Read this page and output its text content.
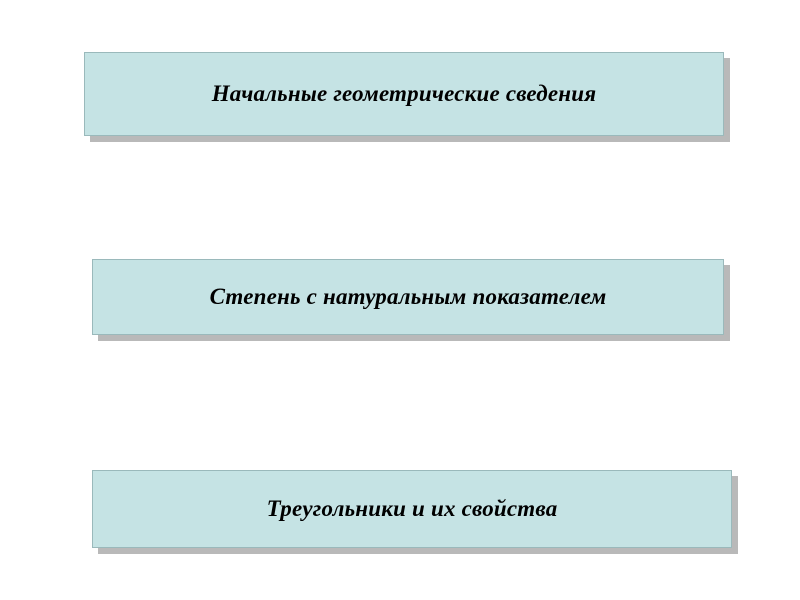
Начальные геометрические сведения
Степень с натуральным показателем
Треугольники и их свойства
